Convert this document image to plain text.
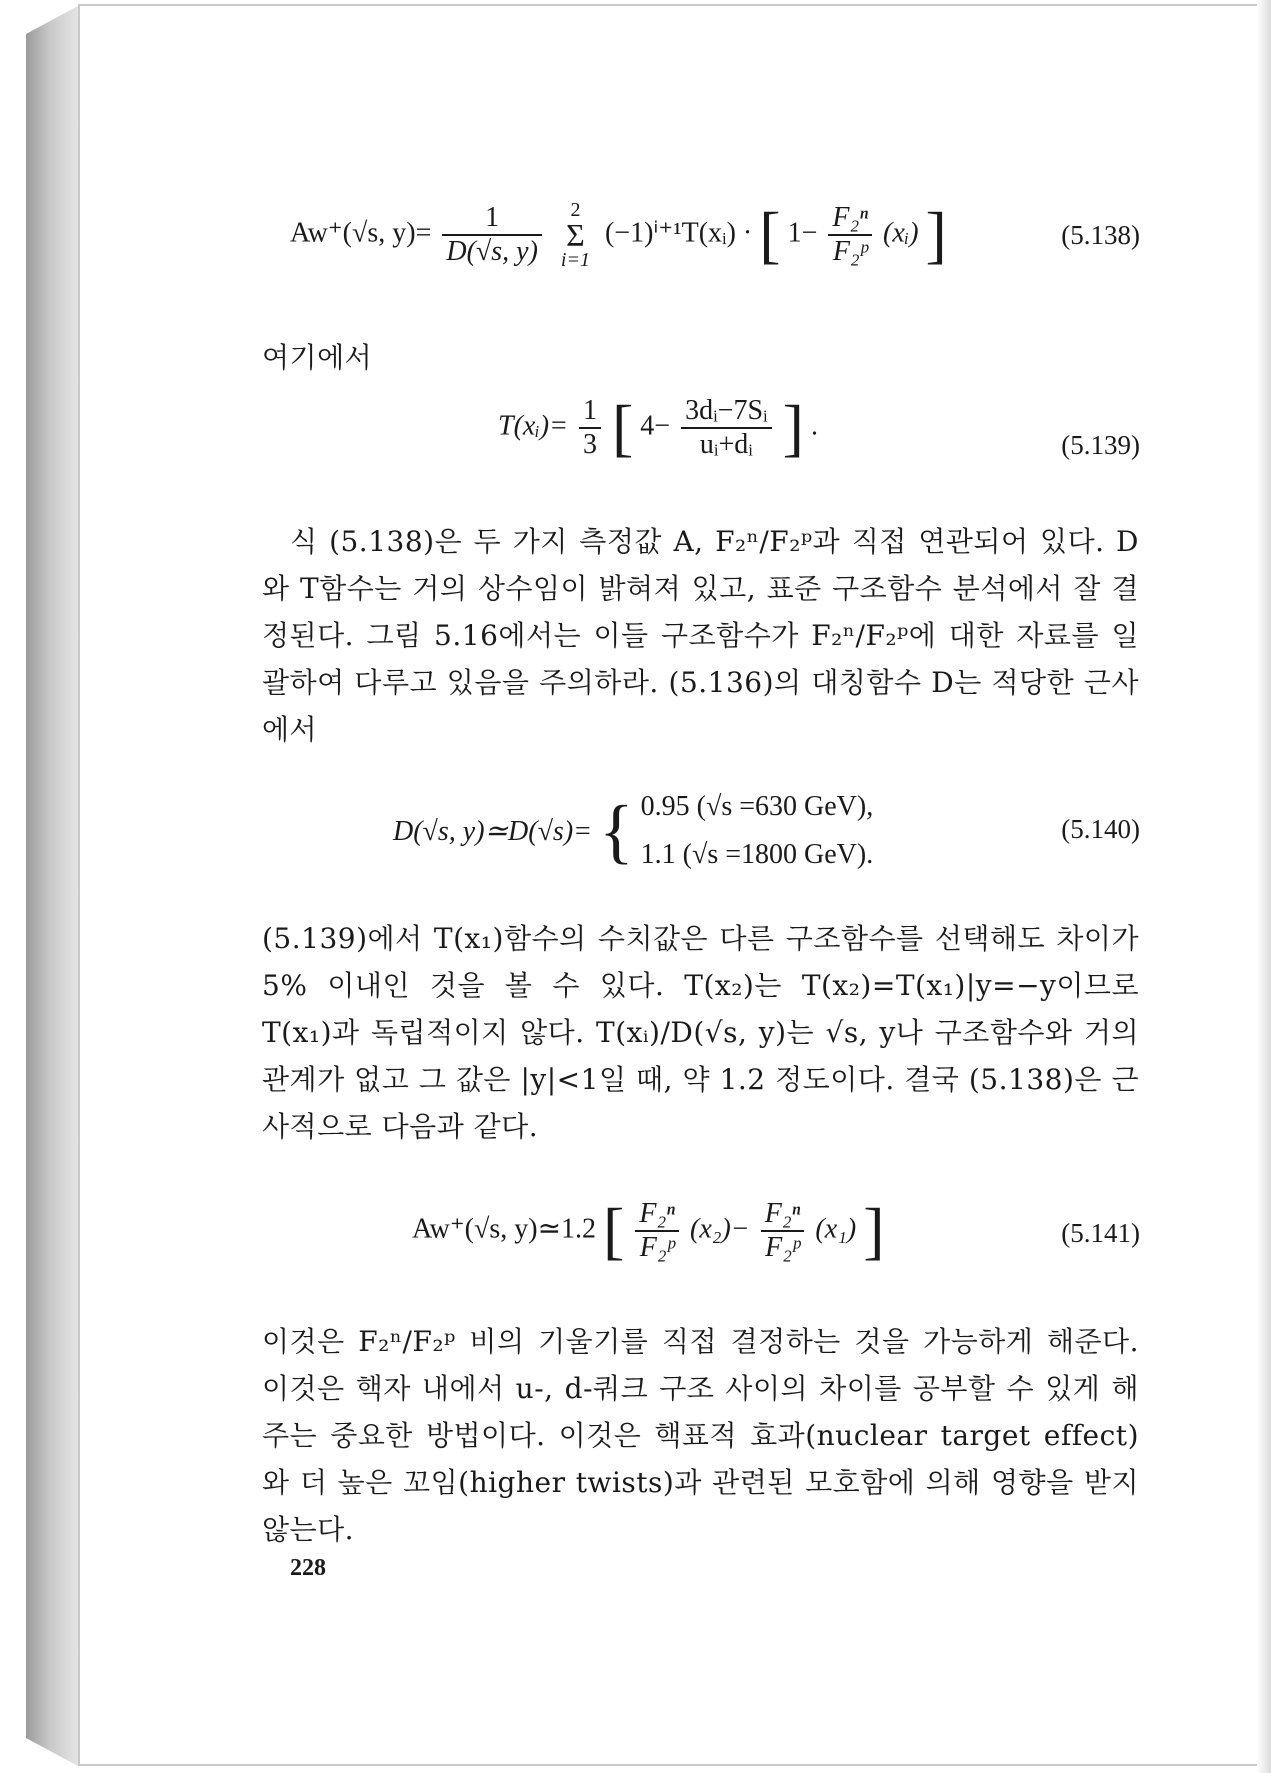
Aw⁺(√s, $y)= \frac{1}{D(√s, y)}$
	2
Σ
i=1
(−1)ⁱ⁺¹T(xᵢ) · [ $1- \frac{\text{F₂ⁿ}}{\text{F₂ᵖ}}$ (xᵢ) ]	(5.138)
여기에서
T(xᵢ)= $\frac{1}{3}$ [ $4- \frac{\text{3dᵢ−7Sᵢ}}{\text{uᵢ+dᵢ}}$ ] .
(5.139)
식 (5.138)은 두 가지 측정값 A, F₂ⁿ/F₂ᵖ과 직접 연관되어 있다. D와 T함수는 거의 상수임이 밝혀져 있고, 표준 구조함수 분석에서 잘 결정된다. 그림 5.16에서는 이들 구조함수가 F₂ⁿ/F₂ᵖ에 대한 자료를 일괄하여 다루고 있음을 주의하라. (5.136)의 대칭함수 D는 적당한 근사에서
D(√s, y)≃D(√s)= { 0.95 (√s =630 GeV),
1.1 (√s =1800 GeV).
(5.140)
(5.139)에서 T(x₁)함수의 수치값은 다른 구조함수를 선택해도 차이가 5% 이내인 것을 볼 수 있다. T(x₂)는 T(x₂)=T(x₁)|y=−y이므로 T(x₁)과 독립적이지 않다. T(xᵢ)/D(√s, y)는 √s, y나 구조함수와 거의 관계가 없고 그 값은 |y|<1일 때, 약 1.2 정도이다. 결국 (5.138)은 근사적으로 다음과 같다.
Aw⁺(√s, y)≃1.2 [ $\frac{\text{F₂ⁿ}}{\text{F₂ᵖ}} (x_2)- \frac{\text{F₂ⁿ}}{\text{F₂ᵖ}} (x_1)$ ]	(5.141)
이것은 F₂ⁿ/F₂ᵖ 비의 기울기를 직접 결정하는 것을 가능하게 해준다. 이것은 핵자 내에서 u-, d-쿼크 구조 사이의 차이를 공부할 수 있게 해주는 중요한 방법이다. 이것은 핵표적 효과(nuclear target effect)와 더 높은 꼬임(higher twists)과 관련된 모호함에 의해 영향을 받지 않는다.
228
